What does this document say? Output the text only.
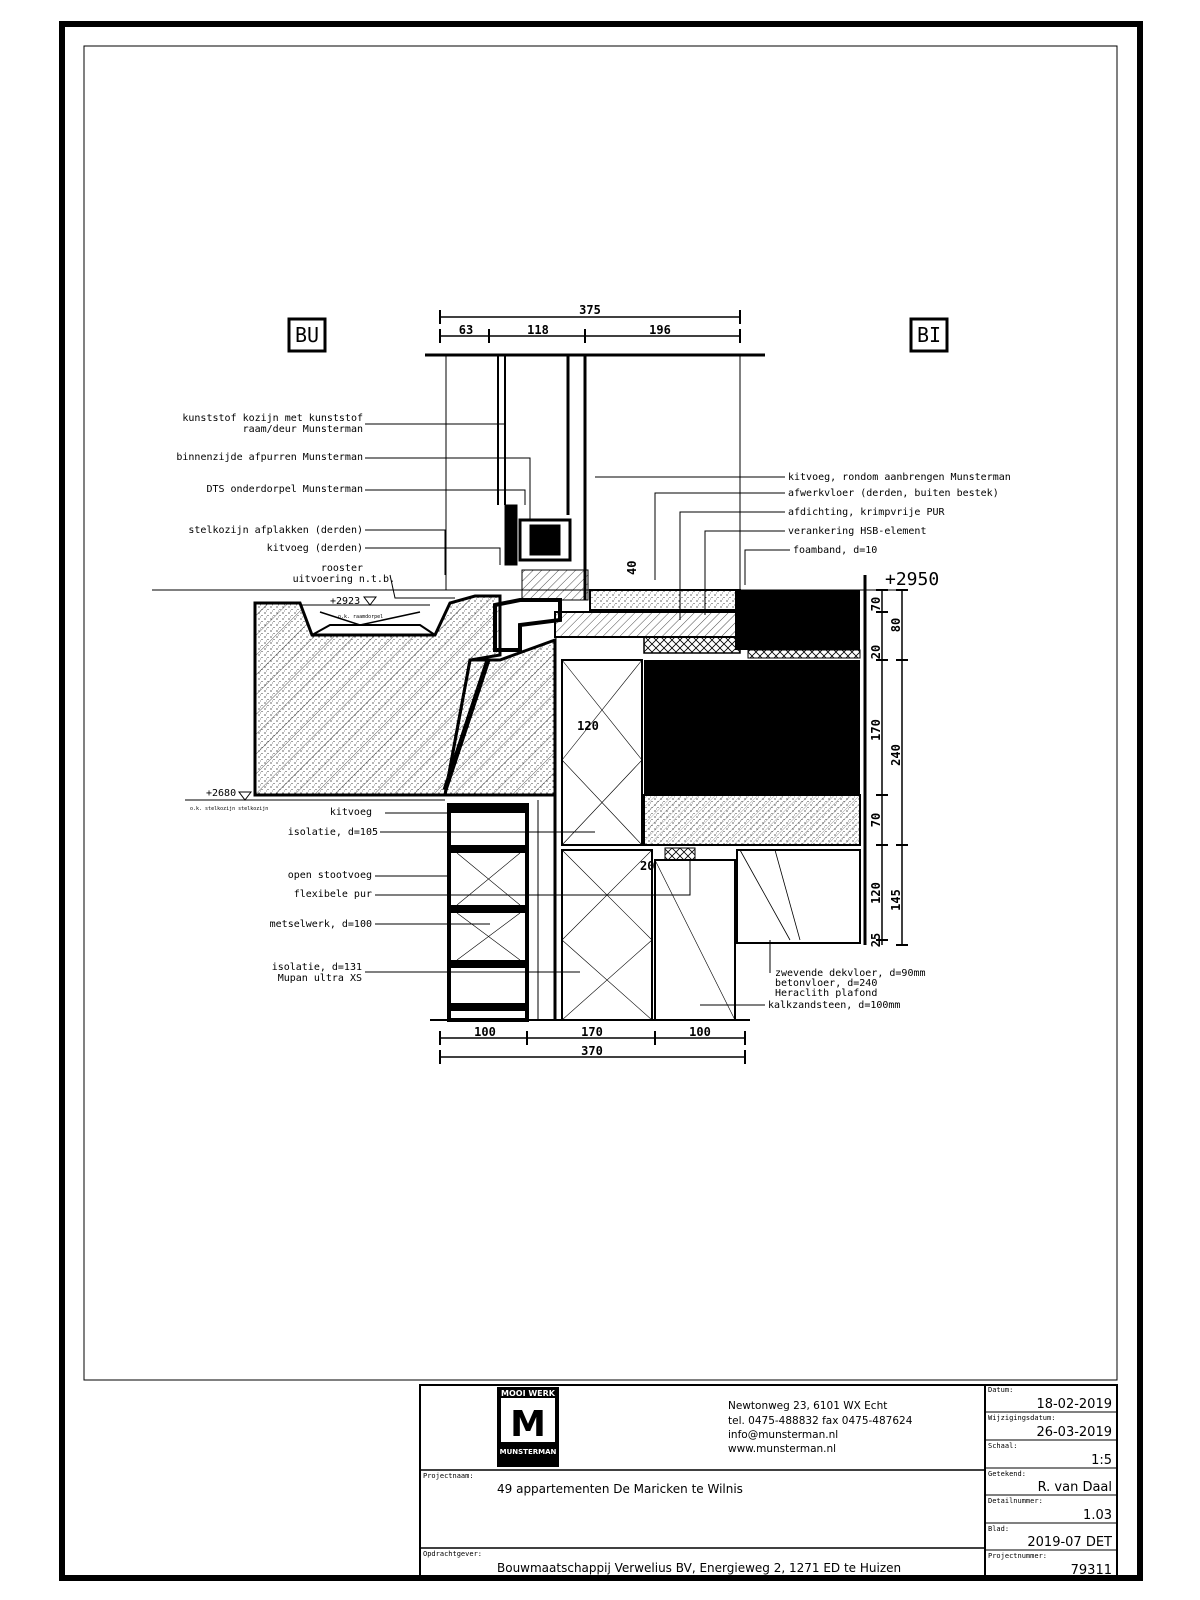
BU	BI
375
63	118	196
+2923
o.k. raamdorpel
+2950
+2680
o.k. stelkozijn stelkozijn
120
40
20
70
20
170
70
120
25
80
240
145
100	170	100
370
kunststof kozijn met kunststof
raam/deur Munsterman
binnenzijde afpurren Munsterman
DTS onderdorpel Munsterman
stelkozijn afplakken (derden)
kitvoeg (derden)
rooster
uitvoering n.t.b.
kitvoeg
isolatie, d=105
open stootvoeg
flexibele pur
metselwerk, d=100
isolatie, d=131
Mupan ultra XS
kitvoeg, rondom aanbrengen Munsterman
afwerkvloer (derden, buiten bestek)
afdichting, krimpvrije PUR
verankering HSB-element
foamband, d=10
zwevende dekvloer, d=90mm
betonvloer, d=240
Heraclith plafond
kalkzandsteen, d=100mm
MOOI WERK
M
MUNSTERMAN
Newtonweg 23, 6101 WX Echt
tel. 0475-488832 fax 0475-487624
info@munsterman.nl
www.munsterman.nl
Projectnaam:
49 appartementen De Maricken te Wilnis
Opdrachtgever:
Bouwmaatschappij Verwelius BV, Energieweg 2, 1271 ED te Huizen
Datum:
18-02-2019
Wijzigingsdatum:
26-03-2019
Schaal:
1:5
Getekend:
R. van Daal
Detailnummer:
1.03
Blad:
2019-07 DET
Projectnummer:
79311
